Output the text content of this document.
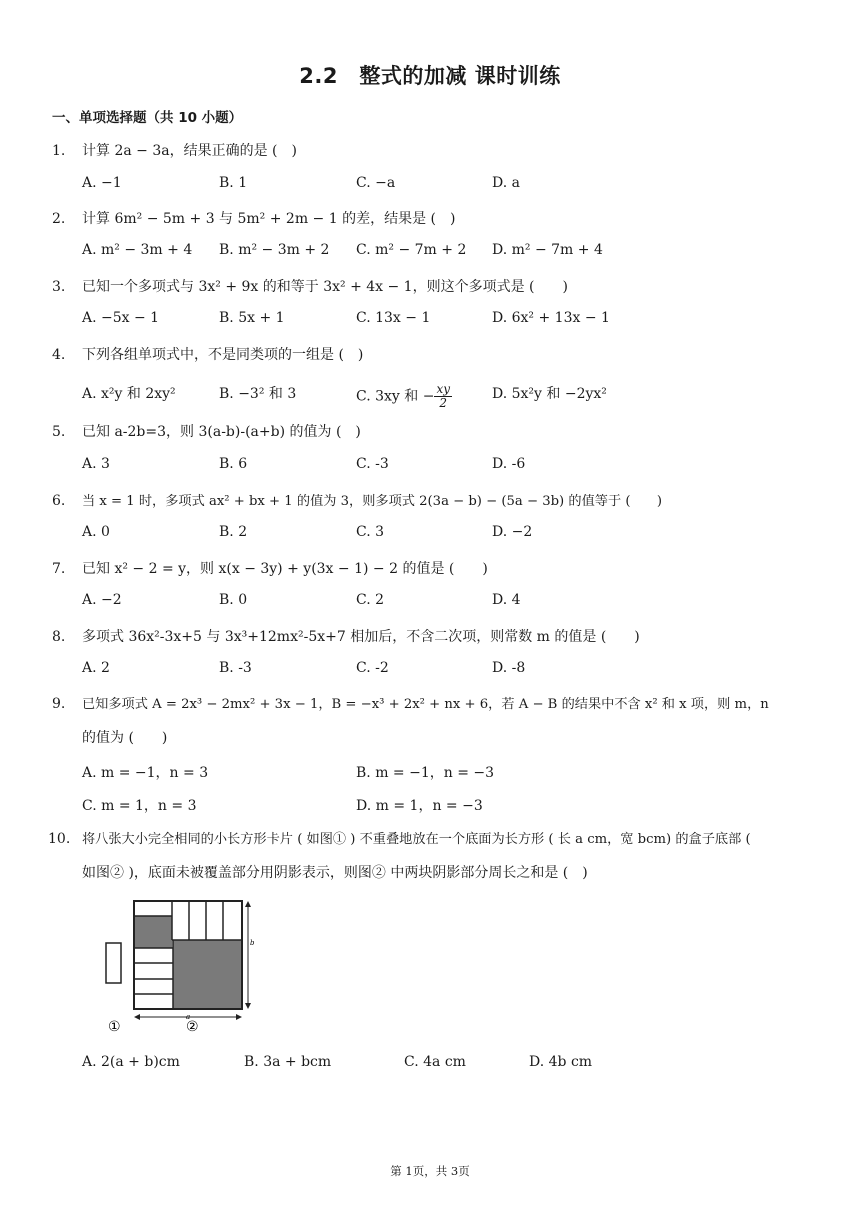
2.2　整式的加减 课时训练
一、单项选择题（共 10 小题）
1. 计算 2a − 3a，结果正确的是 (　)
A. −1	B. 1	C. −a	D. a
2. 计算 6m² − 5m + 3 与 5m² + 2m − 1 的差，结果是 (　)
A. m² − 3m + 4 B. m² − 3m + 2 C. m² − 7m + 2 D. m² − 7m + 4
3. 已知一个多项式与 3x² + 9x 的和等于 3x² + 4x − 1，则这个多项式是 (　　)
A. −5x − 1	B. 5x + 1	C. 13x − 1	D. 6x² + 13x − 1
4. 下列各组单项式中，不是同类项的一组是 (　)
A. x²y 和 2xy²	B. −3² 和 3	C. 3xy 和 − $\frac{xy}{2}$	D. 5x²y 和 −2yx²
5. 已知 a-2b=3，则 3(a-b)-(a+b) 的值为 (　)
A. 3	B. 6	C. -3	D. -6
6. 当 x = 1 时，多项式 ax² + bx + 1 的值为 3，则多项式 2(3a − b) − (5a − 3b) 的值等于 (　　)
A. 0	B. 2	C. 3	D. −2
7. 已知 x² − 2 = y，则 x(x − 3y) + y(3x − 1) − 2 的值是 (　　)
A. −2	B. 0	C. 2	D. 4
8. 多项式 36x²-3x+5 与 3x³+12mx²-5x+7 相加后，不含二次项，则常数 m 的值是 (　　)
A. 2	B. -3	C. -2	D. -8
9. 已知多项式 A = 2x³ − 2mx² + 3x − 1，B = −x³ + 2x² + nx + 6，若 A − B 的结果中不含 x² 和 x 项，则 m，n
的值为 (　　)
A. m = −1，n = 3	B. m = −1，n = −3
C. m = 1，n = 3	D. m = 1，n = −3
10. 将八张大小完全相同的小长方形卡片 ( 如图① ) 不重叠地放在一个底面为长方形 ( 长 a cm，宽 bcm) 的盒子底部 (
如图② )，底面未被覆盖部分用阴影表示，则图② 中两块阴影部分周长之和是 (　)
a
b
①	②
A. 2(a + b)cm	B. 3a + bcm	C. 4a cm	D. 4b cm
第 1页，共 3页
